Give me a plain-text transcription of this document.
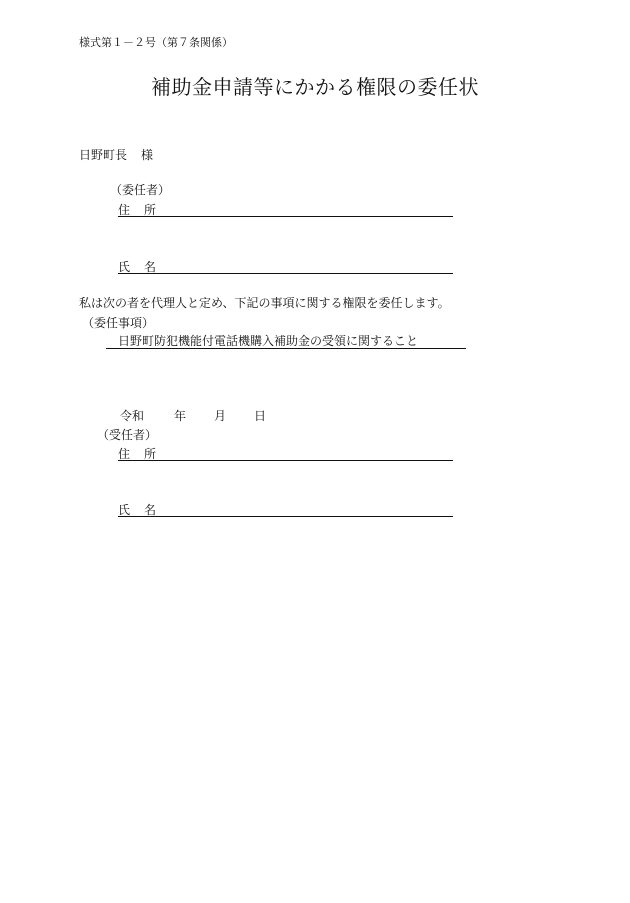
様式第１－２号（第７条関係）
補助金申請等にかかる権限の委任状
日野町長 様
（委任者）
住所
氏名
私は次の者を代理人と定め、下記の事項に関する権限を委任します。
（委任事項）
日野町防犯機能付電話機購入補助金の受領に関すること
令和 年 月 日
（受任者）
住所
氏名
